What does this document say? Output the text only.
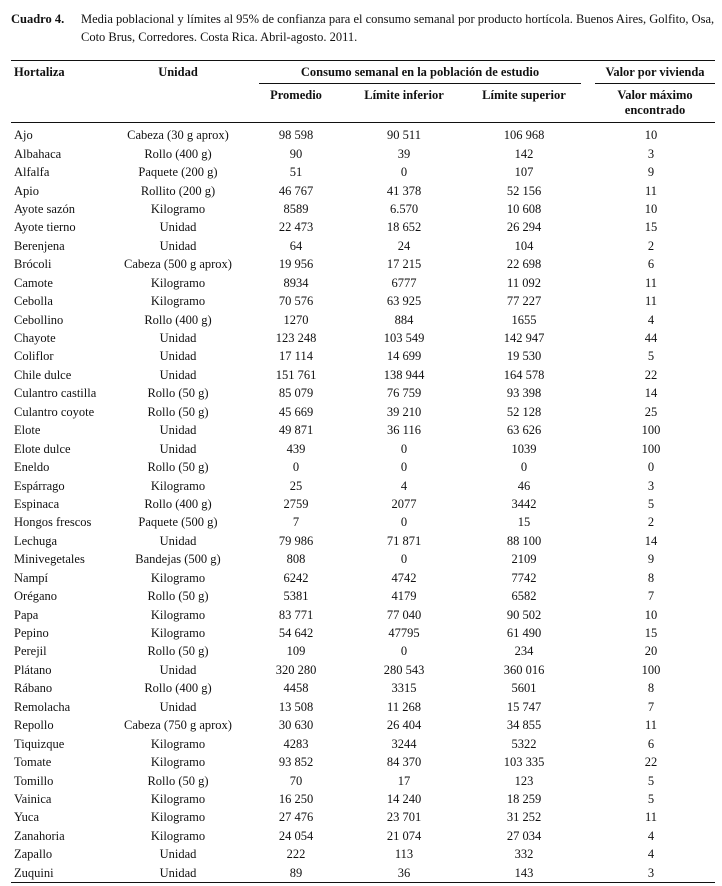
Cuadro 4.	Media poblacional y límites al 95% de confianza para el consumo semanal por producto hortícola. Buenos Aires, Golfito, Osa, Coto Brus, Corredores. Costa Rica. Abril-agosto. 2011.
Hortaliza	Unidad	Consumo semanal en la población de estudio			Valor por vivienda

		Promedio	Límite inferior	Límite superior	Valor máximo encontrado
Ajo	Cabeza (30 g aprox)	98 598	90 511	106 968	10
Albahaca	Rollo (400 g)	90	39	142	3
Alfalfa	Paquete (200 g)	51	0	107	9
Apio	Rollito (200 g)	46 767	41 378	52 156	11
Ayote sazón	Kilogramo	8589	6.570	10 608	10
Ayote tierno	Unidad	22 473	18 652	26 294	15
Berenjena	Unidad	64	24	104	2
Brócoli	Cabeza (500 g aprox)	19 956	17 215	22 698	6
Camote	Kilogramo	8934	6777	11 092	11
Cebolla	Kilogramo	70 576	63 925	77 227	11
Cebollino	Rollo (400 g)	1270	884	1655	4
Chayote	Unidad	123 248	103 549	142 947	44
Coliflor	Unidad	17 114	14 699	19 530	5
Chile dulce	Unidad	151 761	138 944	164 578	22
Culantro castilla	Rollo (50 g)	85 079	76 759	93 398	14
Culantro coyote	Rollo (50 g)	45 669	39 210	52 128	25
Elote	Unidad	49 871	36 116	63 626	100
Elote dulce	Unidad	439	0	1039	100
Eneldo	Rollo (50 g)	0	0	0	0
Espárrago	Kilogramo	25	4	46	3
Espinaca	Rollo (400 g)	2759	2077	3442	5
Hongos frescos	Paquete (500 g)	7	0	15	2
Lechuga	Unidad	79 986	71 871	88 100	14
Minivegetales	Bandejas (500 g)	808	0	2109	9
Nampí	Kilogramo	6242	4742	7742	8
Orégano	Rollo (50 g)	5381	4179	6582	7
Papa	Kilogramo	83 771	77 040	90 502	10
Pepino	Kilogramo	54 642	47795	61 490	15
Perejil	Rollo (50 g)	109	0	234	20
Plátano	Unidad	320 280	280 543	360 016	100
Rábano	Rollo (400 g)	4458	3315	5601	8
Remolacha	Unidad	13 508	11 268	15 747	7
Repollo	Cabeza (750 g aprox)	30 630	26 404	34 855	11
Tiquizque	Kilogramo	4283	3244	5322	6
Tomate	Kilogramo	93 852	84 370	103 335	22
Tomillo	Rollo (50 g)	70	17	123	5
Vainica	Kilogramo	16 250	14 240	18 259	5
Yuca	Kilogramo	27 476	23 701	31 252	11
Zanahoria	Kilogramo	24 054	21 074	27 034	4
Zapallo	Unidad	222	113	332	4
Zuquini	Unidad	89	36	143	3
